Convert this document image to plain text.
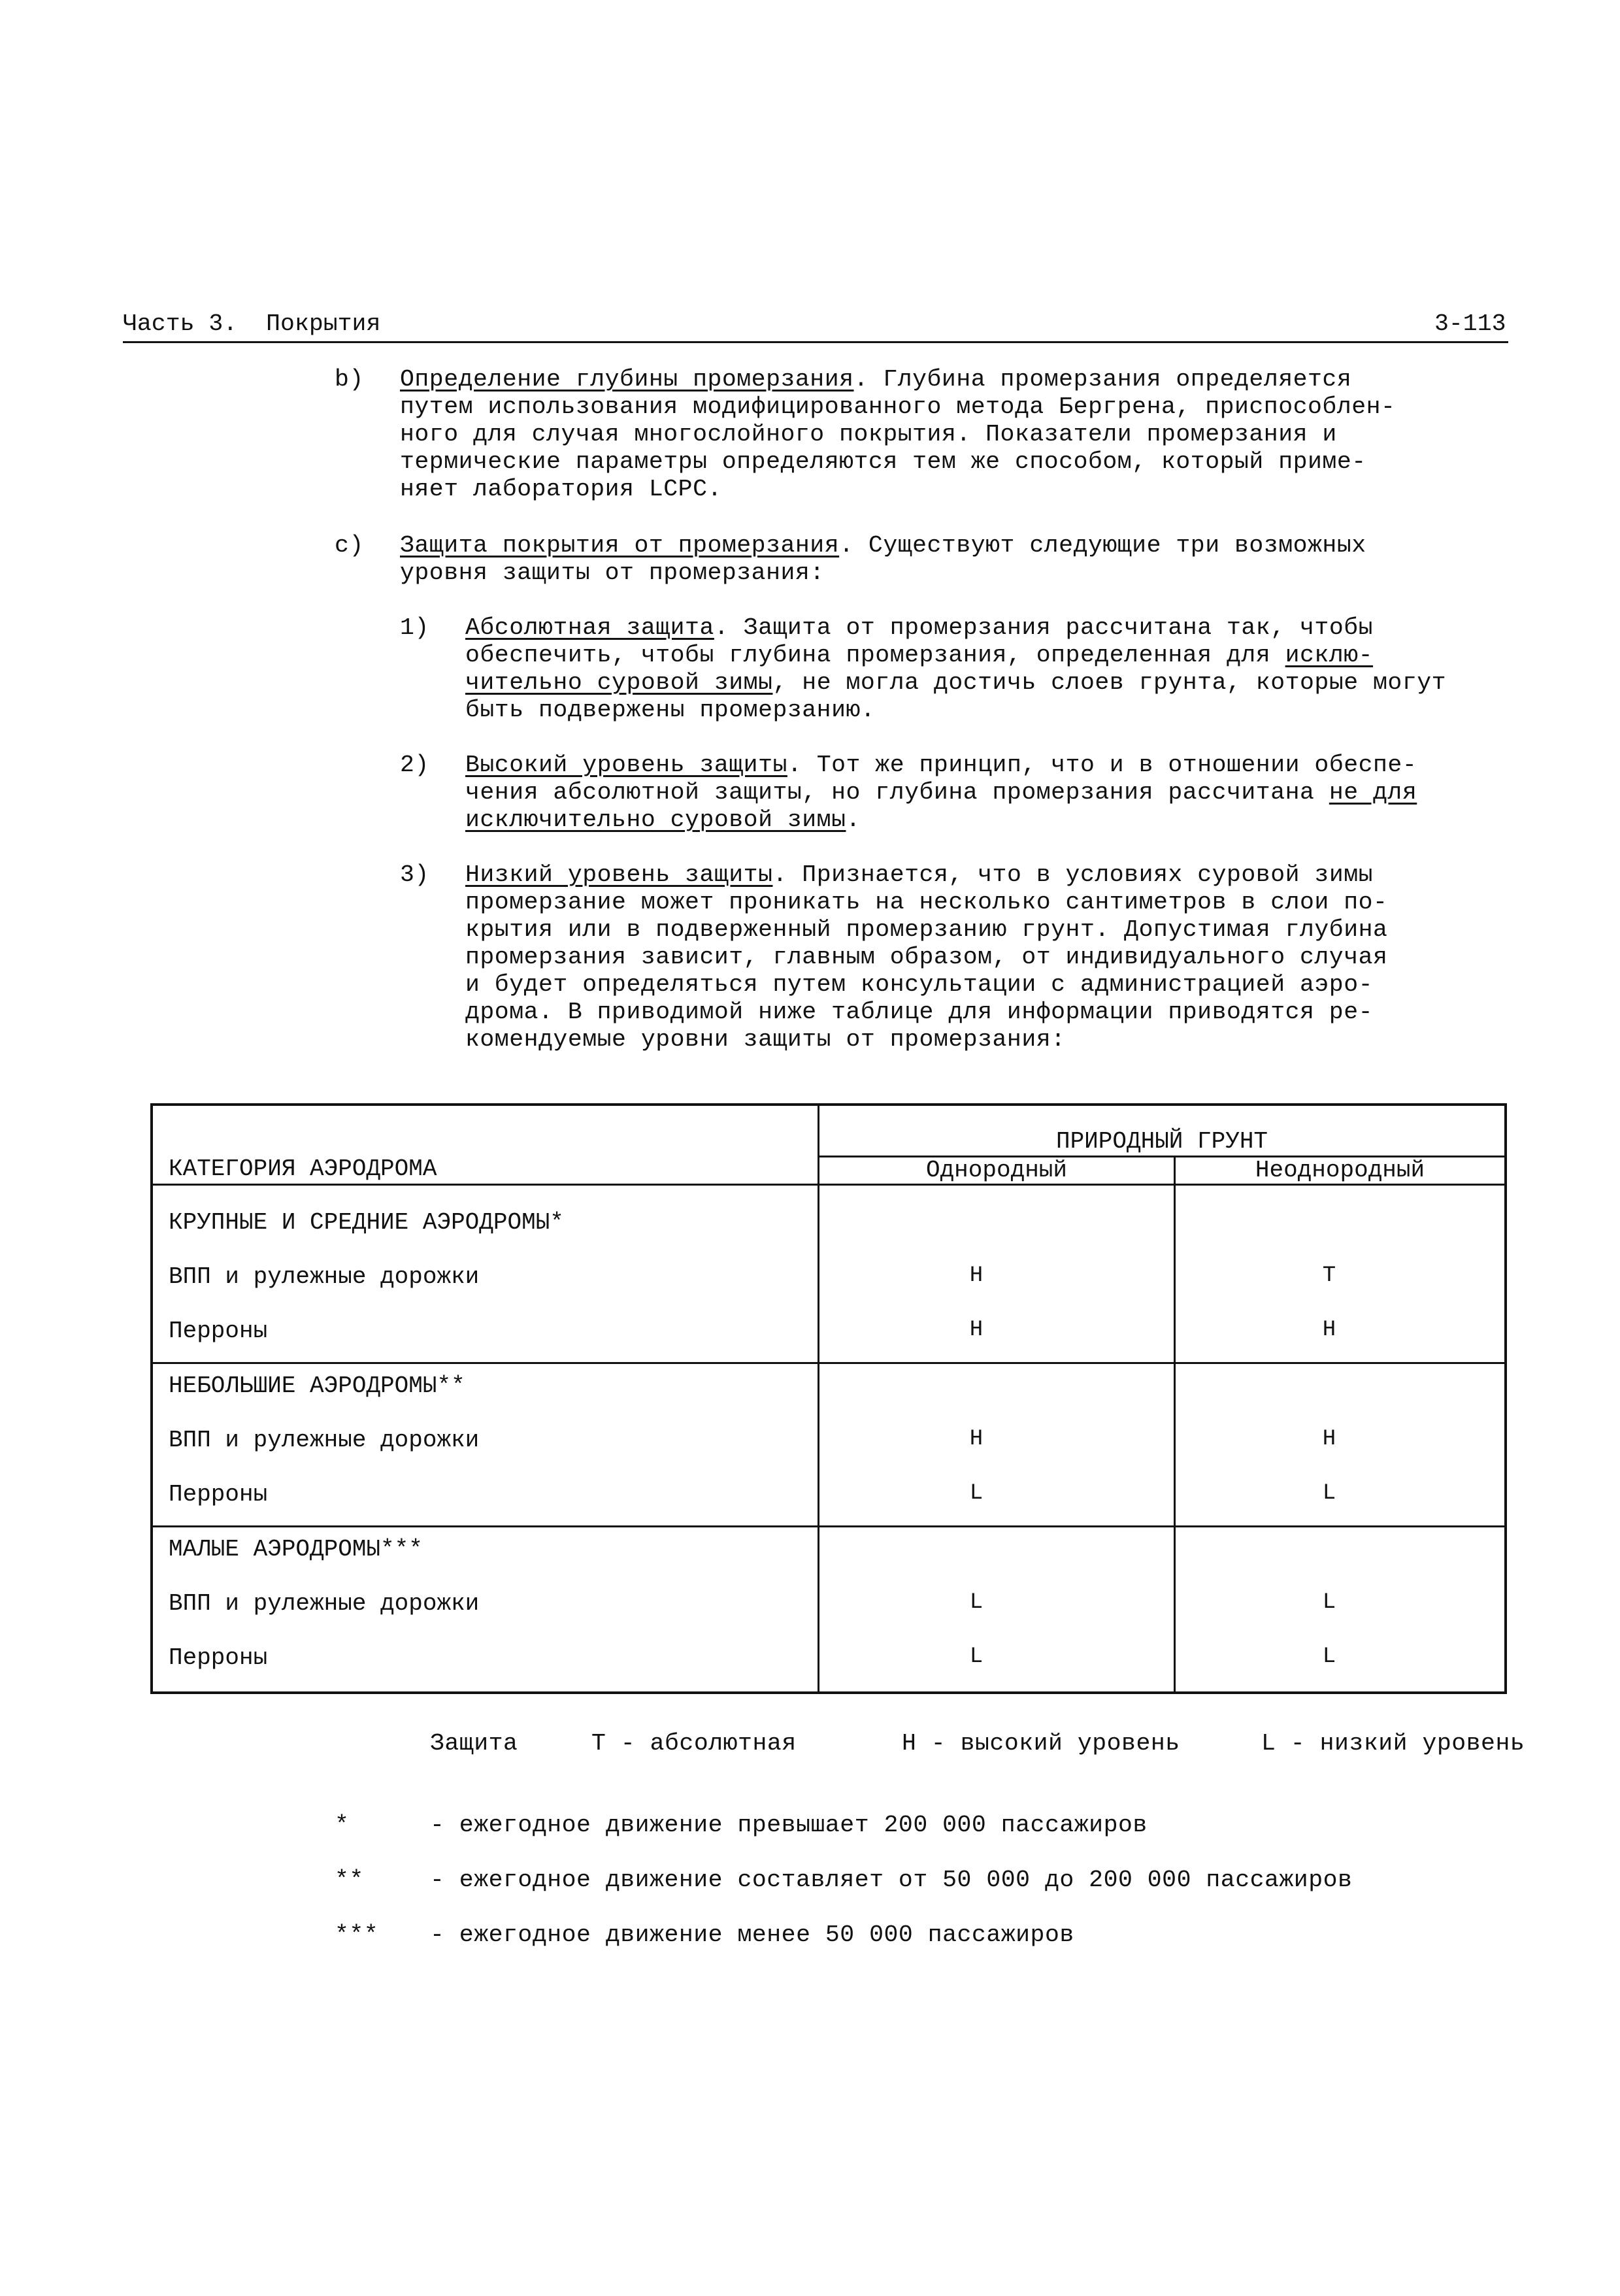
Часть 3. Покрытия	3-113
b) Определение глубины промерзания. Глубина промерзания определяется
путем использования модифицированного метода Бергрена, приспособлен-
ного для случая многослойного покрытия. Показатели промерзания и
термические параметры определяются тем же способом, который приме-
няет лаборатория LCPC.
c) Защита покрытия от промерзания. Существуют следующие три возможных
уровня защиты от промерзания:
1) Абсолютная защита. Защита от промерзания рассчитана так, чтобы
обеспечить, чтобы глубина промерзания, определенная для исклю-
чительно суровой зимы, не могла достичь слоев грунта, которые могут
быть подвержены промерзанию.
2) Высокий уровень защиты. Тот же принцип, что и в отношении обеспе-
чения абсолютной защиты, но глубина промерзания рассчитана не для
исключительно суровой зимы.
3) Низкий уровень защиты. Признается, что в условиях суровой зимы
промерзание может проникать на несколько сантиметров в слои по-
крытия или в подверженный промерзанию грунт. Допустимая глубина
промерзания зависит, главным образом, от индивидуального случая
и будет определяться путем консультации с администрацией аэро-
дрома. В приводимой ниже таблице для информации приводятся ре-
комендуемые уровни защиты от промерзания:
КАТЕГОРИЯ АЭРОДРОМА
ПРИРОДНЫЙ ГРУНТ
Однородный	Неоднородный
КРУПНЫЕ И СРЕДНИЕ АЭРОДРОМЫ*
ВПП и рулежные дорожки	H	T
Перроны	H	H
НЕБОЛЬШИЕ АЭРОДРОМЫ**
ВПП и рулежные дорожки	H	H
Перроны	L	L
МАЛЫЕ АЭРОДРОМЫ***
ВПП и рулежные дорожки	L	L
Перроны	L	L
Защита	T - абсолютная	H - высокий уровень	L - низкий уровень
*	- ежегодное движение превышает 200 000 пассажиров
**	- ежегодное движение составляет от 50 000 до 200 000 пассажиров
*** - ежегодное движение менее 50 000 пассажиров
